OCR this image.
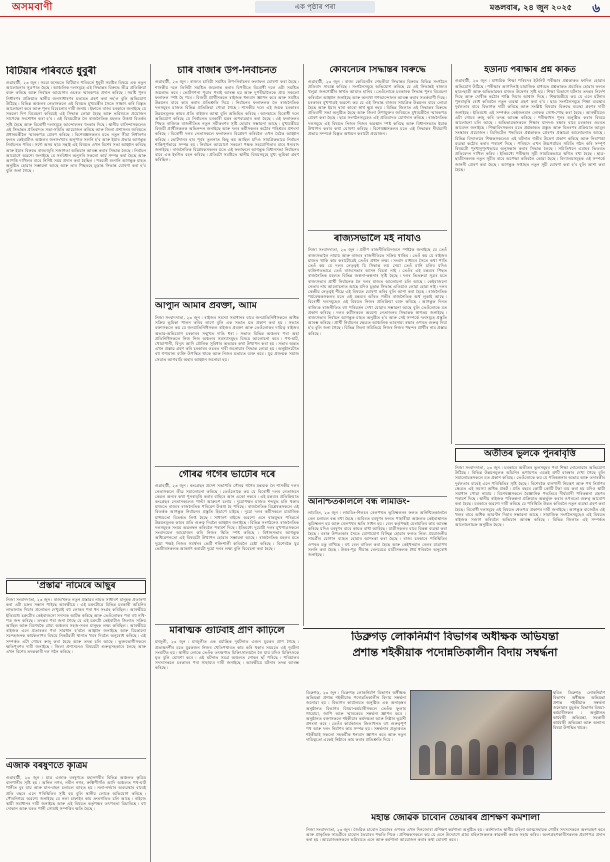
অসমবাণী	এক পৃষ্ঠাৰ পৰা	মঙলবাৰ, ২৪ জুন ২০২৫ ৬
বিটিয়াৰ পৰিবৰ্তে ধুবুৰী
গুৱাহাটী, ২৩ জুন ৷ সমগ্ৰ অসমতে বিটিয়াৰ পৰিবৰ্তে ধুবুৰী সমষ্টিৰ বিষয়ে এক নতুন আলোচনাৰ সূত্ৰপাত হৈছে ৷ আঞ্চলিক দলসমূহে এই সিদ্ধান্তৰ বিৰুদ্ধে তীব্ৰ প্ৰতিক্ৰিয়া ব্যক্ত কৰিছে আৰু নিৰ্বাচন আয়োগৰ ওচৰত স্মাৰকপত্ৰ প্ৰদান কৰিছে ৷ সমষ্টি পুনৰ নিৰ্ধাৰণৰ প্ৰক্ৰিয়াত স্থানীয় জনসাধাৰণৰ মতামত গ্ৰহণ কৰা নহ'ল বুলি অভিযোগ উঠিছে ৷ বিভিন্ন অঞ্চলৰ নেতাসকলে এই বিষয়ত মুখ্যমন্ত্ৰীৰ সৈতে সাক্ষাৎ কৰি বিস্তৃত আলোচনা কৰে আৰু পুনৰ বিবেচনাৰ দাবী জনায় ৷ ইফালে ৰাজ্য চৰকাৰে জনাইছে যে সকলো দিশ বিবেচনা কৰিয়েই এই সিদ্ধান্ত লোৱা হৈছে আৰু ভৱিষ্যতে প্ৰয়োজন সাপেক্ষে সংশোধন কৰা হ'ব ৷ এই বিষয়টোক লৈ ৰাজনৈতিক মহলত উত্তপ্ত বিতৰ্কৰ সৃষ্টি হৈছে আৰু বিৰোধী দলসমূহে আন্দোলনৰ হুংকাৰ দিছে ৷ স্থানীয় বাসিন্দাসকলেও এই সিদ্ধান্তৰ প্ৰতিবাদত সভা-সমিতি আয়োজন কৰিছে আৰু জিলা প্ৰশাসনৰ জৰিয়তে প্ৰধানমন্ত্ৰীলৈ স্মাৰকপত্ৰ প্ৰেৰণ কৰিছে ৷ বিশেষজ্ঞসকলৰ মতে নতুন সীমা নিৰ্ধাৰণৰ ফলত কেইবাটাও অঞ্চলৰ জনসংখ্যাৰ অনুপাত সলনি হ'ব আৰু ইয়াৰ প্ৰভাৱ আগন্তুক নিৰ্বাচনত পৰিব ৷ সদৌ অসম ছাত্ৰ সন্থাই এই বিষয়ত এখন বিশেষ সভা আহ্বান কৰিছে আৰু ইয়াৰ বিৰুদ্ধে ৰাজ্যজুৰি সজাগতা অভিযান আৰম্ভ কৰাৰ সিদ্ধান্ত লৈছে ৷ নিৰ্বাচন আয়োগে অৱশ্যে জনাইছে যে সংবিধান অনুসৰি সকলো কাৰ্য সম্পন্ন কৰা হৈছে আৰু আপত্তি দাখিলৰ বাবে নিৰ্দিষ্ট সময় প্ৰদান কৰা হৈছিল ৷ পৰৱৰ্তী শুনানি আগন্তুক মাহত অনুষ্ঠিত হোৱাৰ সম্ভাৱনা আছে আৰু তাৰ পিছতহে চূড়ান্ত সিদ্ধান্ত ঘোষণা কৰা হ'ব বুলি জনা গৈছে ৷
'প্ৰস্তাৱ' নামেৰে আছুৰ
নিজা সংবাদদাতা, ২৩ জুন ৷ ৰাজ্যখনত নতুন প্ৰস্তাৱৰ নামত সাধাৰণ মানুহক প্ৰতাৰণা কৰা এটা চক্ৰৰ সন্ধান পাইছে আৰক্ষীয়ে ৷ এই চক্ৰটোৱে বিভিন্ন চৰকাৰী আঁচনিৰ লাভালাভ দিয়াৰ প্ৰলোভন দেখুৱাই বহু লোকৰ পৰা ধন সংগ্ৰহ কৰিছিল ৷ আৰক্ষীয়ে ইতিমধ্যে চক্ৰটোৰ কেইবাজনো সদস্যক আটক কৰিছে আৰু তেওঁলোকৰ পৰা বহু নথি-পত্ৰ জব্দ কৰিছে ৷ তদন্তৰ পৰা জনা গৈছে যে এই চক্ৰটো কেইবাটাও জিলাত সক্ৰিয় আছিল আৰু বিশেষকৈ গ্ৰাম্য অঞ্চলৰ সহজ-সৰল মানুহক লক্ষ্য কৰিছিল ৷ আৰক্ষীয়ে ৰাইজক এনে প্ৰতাৰকৰ পৰা সাৱধান হ'বলৈ আহ্বান জনাইছে আৰু যিকোনো সন্দেহজনক কাৰ্যকলাপৰ বিষয়ে নিকটৱৰ্তী থানাত খবৰ দিবলৈ অনুৰোধ কৰিছে ৷ এই সম্পৰ্কত এটা গোচৰ ৰুজু কৰা হৈছে আৰু তদন্ত চলি আছে ৷ ভুক্তভোগীসকলে ক্ষতিপূৰণৰ দাবী জনাইছে ৷ জিলা প্ৰশাসনেও বিষয়টো গুৰুত্বসহকাৰে লৈছে আৰু এখন বিশেষ তদন্তকাৰী দল গঠন কৰিছে ৷
এজাক বৰষুণতে কৃত্ৰিম
গুৱাহাটী, ২৩ জুন ৷ মাত্ৰ এজাক বৰষুণতে মহানগৰীৰ বিভিন্ন অঞ্চলত কৃত্ৰিম বানপানীৰ সৃষ্টি হয় ৷ অনিল নগৰ, নবীন নগৰ, ৰুক্মিণীগাঁও আদি অঞ্চলত পথ-ঘাট পানীত বুৰ যায় আৰু যান-বাহন চলাচল ব্যাহত হয় ৷ নলা-নৰ্দমাৰ অব্যৱস্থাৰ বাবেই প্ৰতি বছৰে এনে পৰিস্থিতিৰ সৃষ্টি হয় বুলি স্থানীয় লোকে অভিযোগ কৰিছে ৷ পৌৰনিগমে অৱশ্যে জনাইছে যে নলা চাফাইৰ কাম দ্ৰুতগতিত চলি আছে ৷ ৰাইজে স্থায়ী সমাধানৰ দাবী জনাইছে আৰু এই বিষয়ত কৰ্তৃপক্ষৰ তৎপৰতা বিচাৰিছে ৷ বহু দোকান আৰু ঘৰত পানী সোমাই সম্পত্তিৰ ক্ষতি হৈছে ৷
চাৰি বাজাৰ উপ-নিৰ্বাচনত
গুৱাহাটী, ২৩ জুন ৷ ৰাজ্যৰ চাৰিটা সমষ্টিৰ উপ-নিৰ্বাচনৰ ফলাফল ঘোষণা কৰা হৈছে ৷ শাসকীয় দলে তিনিটা সমষ্টিত জয়লাভ কৰাৰ বিপৰীতে বিৰোধী দলে এটা সমষ্টিত জয়লাভ কৰে ৷ ভোটগণনা পুৱাৰ পৰাই আৰম্ভ হয় আৰু দুপৰীয়ালৈকে প্ৰায় সকলো ফলাফল স্পষ্ট হৈ পৰে ৷ বিজয়ী প্ৰাৰ্থীসকলে ৰাইজক ধন্যবাদ জ্ঞাপন কৰে আৰু সমষ্টিৰ উন্নয়নৰ বাবে কাম কৰাৰ প্ৰতিশ্ৰুতি দিয়ে ৷ নিৰ্বাচনৰ ফলাফলক লৈ ৰাজনৈতিক দলসমূহৰ মাজত বিভিন্ন প্ৰতিক্ৰিয়া পোৱা গৈছে ৷ শাসকীয় দলে এই জয়ক চৰকাৰৰ উন্নয়নমূলক কামৰ প্ৰতি ৰাইজৰ আস্থা বুলি অভিহিত কৰিছে ৷ আনহাতে বিৰোধী দলে অভিযোগ কৰিছে যে নিৰ্বাচনত চৰকাৰী যন্ত্ৰৰ অপব্যৱহাৰ কৰা হৈছে ৷ এই ফলাফলৰ পিছত ৰাজ্যিক ৰাজনীতিত নতুন সমীকৰণৰ সৃষ্টি হোৱাৰ সম্ভাৱনা আছে ৷ মুখ্যমন্ত্ৰীয়ে বিজয়ী প্ৰাৰ্থীসকলক অভিনন্দন জনাইছে আৰু দলৰ কৰ্মীসকলৰ কঠোৰ পৰিশ্ৰমৰ প্ৰশংসা কৰিছে ৷ বিৰোধী দলৰ নেতাসকলে ফলাফলৰ বিশ্লেষণ কৰিবলৈ এখন বৈঠক আহ্বান কৰিছে ৷ ভোটদানৰ হাৰ পূৰ্বৰ তুলনাত কিছু কম আছিল যদিও সামগ্ৰিকভাৱে নিৰ্বাচন শান্তিপূৰ্ণভাৱে সম্পন্ন হয় ৷ নিৰ্বাচন আয়োগে সকলো পক্ষক সহযোগিতাৰ বাবে ধন্যবাদ জনাইছে ৷ ৰাজনৈতিক বিশ্লেষকসকলৰ মতে এই ফলাফলে আগন্তুক বিধানসভা নিৰ্বাচনৰ বাবে এক ইংগিত বহন কৰিছে ৷ প্ৰতিটো সমষ্টিতে স্থানীয় বিষয়সমূহে মুখ্য ভূমিকা গ্ৰহণ কৰিছিল ৷
আপুনি আমাৰ প্ৰবক্তা, আমি
নিজা সংবাদদাতা, ২৩ জুন ৷ ৰাইজৰ সমস্যা সমাধানৰ বাবে জনপ্ৰতিনিধিসকলে অধিক সক্ৰিয় ভূমিকা পালন কৰিব লাগে বুলি এক সভাত মত প্ৰকাশ কৰা হয় ৷ সভাত বক্তাসকলে কয় যে জনপ্ৰতিনিধিসকল ৰাইজৰ প্ৰবক্তা আৰু তেওঁলোকৰ দায়িত্ব ৰাইজৰ অভাৱ-অভিযোগ চৰকাৰৰ সন্মুখত দাঙি ধৰা ৷ সভাত বিভিন্ন অঞ্চলৰ পৰা অহা প্ৰতিনিধিসকলে নিজ নিজ অঞ্চলৰ সমস্যাসমূহৰ বিষয়ে আলোচনা কৰে ৷ পথ-ঘাট, খোৱাপানী, বিদ্যুৎ আদি মৌলিক সুবিধাৰ অভাৱৰ কথা উত্থাপন কৰা হয় ৷ সভাৰ অন্তত এখন প্ৰস্তাৱ গ্ৰহণ কৰি চৰকাৰৰ ওচৰত দাবী জনোৱাৰ সিদ্ধান্ত লোৱা হয় ৷ অনুষ্ঠানটোত বহু গণ্যমান্য ব্যক্তি উপস্থিত থাকে আৰু নিজৰ মতামত ব্যক্ত কৰে ৷ যুৱ প্ৰজন্মক সমাজ সেৱাত আগবাঢ়ি অহাৰ আহ্বান জনোৱা হয় ৷
গৌৰৱ গগৈৰ ভাটৌৰ দৰে
গুৱাহাটী, ২৩ জুন ৷ কংগ্ৰেছৰ প্ৰদেশ সভাপতি গৌৰৱ গগৈৰ মন্তব্যক লৈ শাসকীয় দলৰ নেতাসকলে তীব্ৰ সমালোচনা কৰিছে ৷ তেওঁলোকে কয় যে বিৰোধী দলৰ নেতাজনে কেৱল অন্যৰ কথা পুনৰাবৃত্তি কৰাৰ বাহিৰে আন একো নকৰে ৷ এই মন্তব্যৰ প্ৰতিক্ৰিয়াত কংগ্ৰেছৰ নেতাসকলেও পাল্টা আক্ৰমণ চলায় ৷ দুয়োপক্ষৰ মাজত শব্দযুদ্ধ চলি থকাৰ মাজতে ৰাজ্যৰ ৰাজনৈতিক পৰিৱেশ উত্তপ্ত হৈ পৰিছে ৷ ৰাজনৈতিক বিশ্লেষকসকলে এই বিতৰ্কক আগন্তুক নিৰ্বাচনৰ প্ৰস্তুতি হিচাপে চাইছে ৷ দুয়ো দলৰ কৰ্মীসকলে চামাজিক মাধ্যমতো বিতৰ্কত লিপ্ত হৈছে ৷ সাধাৰণ ৰাইজে অৱশ্যে এনে বাকযুদ্ধৰ পৰিৱৰ্তে উন্নয়নমূলক কামৰ প্ৰতি গুৰুত্ব দিবলৈ আহ্বান জনাইছে ৷ বিভিন্ন সংগঠনেও ৰাজনৈতিক দলসমূহক সংযম অৱলম্বন কৰিবলৈ পৰামৰ্শ দিছে ৷ ইতিমধ্যে দুয়োটা দলৰ মুখপাত্ৰসকলে সংবাদমেল আয়োজন কৰি নিজৰ স্থিতি স্পষ্ট কৰিছে ৷ বিধানসভাৰ আগন্তুক অধিৱেশনতো এই বিষয়টো উত্থাপন হোৱাৰ সম্ভাৱনা আছে ৷ ৰাজনৈতিক মহলৰ মতে দুয়ো পক্ষই নিজৰ সমৰ্থনৰ ভেটি শক্তিশালী কৰিবলৈ চেষ্টা কৰিছে ৷ বিশেষকৈ যুৱ ভোটাৰসকলক আকৰ্ষণ কৰাটো দুয়ো দলৰ লক্ষ্য বুলি বিবেচনা কৰা হৈছে ৷
মাৰাত্মক গুটিবাই প্ৰাণ কাঢ়িলে
মাজুলী, ২৩ জুন ৷ মাজুলীত এক মৰ্মান্তিক দুৰ্ঘটনাত এজন যুৱকৰ প্ৰাণ গৈছে ৷ প্ৰত্যক্ষদৰ্শীৰ মতে যুৱকজন নিজৰ খেতিপথাৰত কাম কৰি থকাৰ সময়তে এই দুৰ্ঘটনা সংঘটিত হয় ৷ স্থানীয় লোকে তেওঁক তৎক্ষণাত চিকিৎসালয়লৈ লৈ যায় যদিও চিকিৎসকে মৃত বুলি ঘোষণা কৰে ৷ এই ঘটনাত সমগ্ৰ অঞ্চলত শোকৰ ছাঁ পৰিছে ৷ পৰিয়ালৰ সদস্যসকলে চৰকাৰৰ পৰা সাহায্যৰ দাবী জনাইছে ৷ আৰক্ষীয়ে ঘটনাৰ তদন্ত আৰম্ভ কৰিছে ৷
কেবিনেটৰ সিদ্ধান্তৰ বিৰুদ্ধে
গুৱাহাটী, ২৩ জুন ৷ ৰাজ্য কেবিনেটৰ শেহতীয়া সিদ্ধান্তৰ বিৰুদ্ধে বিভিন্ন সংগঠনে প্ৰতিবাদ সাব্যস্ত কৰিছে ৷ সংগঠনসমূহে অভিযোগ কৰিছে যে এই সিদ্ধান্তই ৰাজ্যৰ থলুৱা জনগোষ্ঠীৰ স্বাৰ্থত আঘাত হানিব ৷ তেওঁলোকে চৰকাৰক সিদ্ধান্ত পুনৰ বিবেচনা কৰিবলৈ আহ্বান জনাইছে আৰু অন্যথা গণআন্দোলন আৰম্ভ কৰাৰ সতৰ্কবাণী দিছে ৷ চৰকাৰৰ মুখপাত্ৰই অৱশ্যে কয় যে এই সিদ্ধান্ত ৰাজ্যৰ সামগ্ৰিক উন্নয়নৰ বাবে লোৱা হৈছে আৰু ইয়াৰ দ্বাৰা কাৰো স্বাৰ্থ ক্ষুণ্ণ নহয় ৷ বিভিন্ন জিলাত এই সিদ্ধান্তৰ বিৰুদ্ধে প্ৰতিবাদী সভা অনুষ্ঠিত হৈছে আৰু জিলা উপায়ুক্তৰ জৰিয়তে মুখ্যমন্ত্ৰীলৈ স্মাৰকপত্ৰ প্ৰেৰণ কৰা হৈছে ৷ ছাত্ৰ সংগঠনসমূহেও এই প্ৰতিবাদত যোগদান কৰিছে ৷ ৰাজনৈতিক দলসমূহে এই বিষয়ত নিজৰ নিজৰ অৱস্থান স্পষ্ট কৰিছে আৰু বিধানসভাত ইয়াক উত্থাপন কৰাৰ কথা ঘোষণা কৰিছে ৷ বিশেষজ্ঞসকলৰ মতে এই সিদ্ধান্তৰ দীৰ্ঘম্যাদী প্ৰভাৱ সম্পৰ্কে বিস্তৃত অধ্যয়ন কৰাটো প্ৰয়োজন ৷
ৰাজ্যসভালৈ মই নাযাও
নিজা সংবাদদাতা, ২৩ জুন ৷ প্ৰবীণ ৰাজনীতিবিদজনে স্পষ্টকৈ জনাইছে যে তেওঁ ৰাজ্যসভালৈ নাযায় আৰু ৰাজ্যৰ ৰাজনীতিতে সক্ৰিয় থাকিব ৷ তেওঁ কয় যে ৰাইজৰ মাজত থাকি কাম কৰাটোৱেই তেওঁৰ প্ৰধান লক্ষ্য ৷ সংবাদ মাধ্যমৰ সৈতে কথা পাতি তেওঁ কয় যে দলৰ নেতৃত্বই যি সিদ্ধান্ত লয় সেয়া তেওঁ মানি চলিব যদিও ব্যক্তিগতভাৱে তেওঁ ৰাজ্যসভাৰ আসন বিচৰা নাই ৷ তেওঁৰ এই মন্তব্যৰ পিছত ৰাজনৈতিক মহলত বিভিন্ন জল্পনা-কল্পনাৰ সৃষ্টি হৈছে ৷ দলৰ ভিতৰুৱা সূত্ৰৰ মতে ৰাজ্যসভাৰ প্ৰাৰ্থী নিৰ্বাচনক লৈ দলৰ মাজত আলোচনা চলি আছে ৷ কেইবাজনো নেতাৰ নাম আলোচনাত আছে যদিও চূড়ান্ত সিদ্ধান্ত এতিয়াও লোৱা হোৱা নাই ৷ দলৰ কেন্দ্ৰীয় নেতৃত্বই শীঘ্ৰে এই বিষয়ত ঘোষণা কৰিব বুলি আশা কৰা হৈছে ৷ ৰাজনৈতিক পৰ্যবেক্ষকসকলৰ মতে এই মন্তব্যৰ আঁৰত গভীৰ ৰাজনৈতিক অৰ্থ লুকাই আছে ৷ বিৰোধী দলসমূহেও এই বিষয়ত নিজৰ প্ৰতিক্ৰিয়া ব্যক্ত কৰিছে ৷ আগন্তুক দিনত ৰাজ্যিক ৰাজনীতিত বহু পৰিৱৰ্তন দেখা যোৱাৰ সম্ভাৱনা আছে বুলি তেওঁলোকে মত প্ৰকাশ কৰিছে ৷ দলৰ কৰ্মীসকলে অৱশ্যে নেতাজনৰ সিদ্ধান্তক স্বাগতম জনাইছে ৷ ৰাজ্যসভাৰ নিৰ্বাচন আগন্তুক মাহত অনুষ্ঠিত হ'ব আৰু সেই সম্পৰ্কে দলসমূহে প্ৰস্তুতি আৰম্ভ কৰিছে ৷ প্ৰাৰ্থী নিৰ্বাচনৰ ক্ষেত্ৰত আঞ্চলিক ভাৰসাম্য ৰক্ষাৰ ওপৰত গুৰুত্ব দিয়া হ'ব বুলি জনা গৈছে ৷ বিভিন্ন জিলা সমিতিয়ে নিজৰ নিজৰ পছন্দৰ প্ৰাৰ্থীৰ নাম প্ৰস্তাৱ কৰিছে ৷
অনিশ্চিতকাললৈ বন্ধ লামডিং-
লামডিং, ২৩ জুন ৷ লামডিং-শিলচৰ ৰেলপথত ভূমিস্খলনৰ ফলত অনিশ্চিতকাললৈ ৰেল চলাচল বন্ধ ৰখা হৈছে ৷ অবিৰত বৰষুণৰ ফলত পাহাৰীয়া অঞ্চলত কেইবাস্থানত ভূমিস্খলন হয় আৰু ৰেলপথৰ ক্ষতি সাধন হয় ৷ ৰেল কৰ্তৃপক্ষই মেৰামতিৰ কাম আৰম্ভ কৰিছে যদিও বৰষুণৰ বাবে কামত বাধা আহিছে ৷ যাত্ৰীসকলৰ বাবে বিকল্প ব্যৱস্থা কৰা হৈছে ৷ বৰাক উপত্যকাৰ সৈতে যোগাযোগ বিচ্ছিন্ন হোৱাৰ ফলত নিত্য প্ৰয়োজনীয় সামগ্ৰীৰ যোগান ব্যাহত হোৱাৰ আশংকা কৰা হৈছে ৷ ৰাজ্য চৰকাৰে পৰিস্থিতিৰ ওপৰত চকু ৰাখিছে ৷ বহু ৰেল বাতিল কৰা হৈছে আৰু কেইখনমান ৰেলৰ যাত্ৰাপথ সলনি কৰা হৈছে ৷ উত্তৰ-পূৱ সীমান্ত ৰেলৱেৱে যাত্ৰীসকলক ধৈৰ্য ধৰিবলৈ অনুৰোধ জনাইছে ৷
ইউনিট পৰীক্ষাৰ প্ৰশ্ন কাকত
গুৱাহাটী, ২৩ জুন ৷ মাধ্যমিক শিক্ষা পৰিষদৰ ইউনিট পৰীক্ষাৰ প্ৰশ্নকাকত ফাদিল হোৱাৰ অভিযোগ উঠিছে ৷ পৰীক্ষাৰ আগদিনাই চামাজিক মাধ্যমত প্ৰশ্নকাকত প্ৰচাৰিত হোৱাৰ ফলত ছাত্ৰ-ছাত্ৰী আৰু অভিভাৱকৰ মাজত উদ্বেগৰ সৃষ্টি হয় ৷ শিক্ষা বিভাগে ঘটনাৰ তদন্তৰ নিৰ্দেশ দিছে আৰু দোষীক কঠোৰ শাস্তি দিয়াৰ আশ্বাস দিছে ৷ শিক্ষামন্ত্ৰীয়ে কয় যে এনে ঘটনাৰ পুনৰাবৃত্তি ৰোধ কৰিবলৈ নতুন ব্যৱস্থা গ্ৰহণ কৰা হ'ব ৷ ছাত্ৰ সংগঠনসমূহে শিক্ষা ব্যৱস্থাৰ দুৰ্বলতাৰ বাবে বিভাগক দায়ী কৰিছে আৰু সংশ্লিষ্ট বিষয়াৰ বিৰুদ্ধে ব্যৱস্থা গ্ৰহণৰ দাবী জনাইছে ৷ ইতিমধ্যে এই সম্পৰ্কত কেইজনমান লোকক সোধ-পোছ কৰা হৈছে ৷ আৰক্ষীয়েও এটা গোচৰ ৰুজু কৰি তদন্ত আৰম্ভ কৰিছে ৷ পৰীক্ষাখন পুনৰ অনুষ্ঠিত কৰাৰ বিষয়ে আলোচনা চলি আছে ৷ অভিভাৱকসকলে শিক্ষাৰ মানদণ্ড ৰক্ষাৰ বাবে চৰকাৰৰ ওচৰত আবেদন জনাইছে ৷ শিক্ষাবিদসকলৰ মতে প্ৰশ্নকাকত প্ৰস্তুত আৰু বিতৰণৰ প্ৰক্ৰিয়াত আমূল সংস্কাৰৰ প্ৰয়োজন ৷ ডিজিটেল পদ্ধতিৰে প্ৰশ্নকাকত প্ৰেৰণৰ প্ৰস্তাৱো আলোচনাত আছে ৷ বিভিন্ন বিদ্যালয়ৰ শিক্ষকসকলেও এই ঘটনাত গভীৰ উদ্বেগ প্ৰকাশ কৰিছে আৰু নিৰাপত্তা ব্যৱস্থা কঠোৰ কৰাৰ পৰামৰ্শ দিছে ৷ পৰিষদে এখন উচ্চপৰ্যায়ৰ সমিতি গঠন কৰি সম্পূৰ্ণ বিষয়টো পুংখানুপুংখভাৱে অনুসন্ধান কৰাৰ সিদ্ধান্ত লৈছে ৷ সমিতিখনে এমাহৰ ভিতৰত প্ৰতিবেদন দাখিল কৰিব ৷ ইতিমধ্যে পৰীক্ষাৰ সূচী সাময়িকভাৱে স্থগিত ৰখা হৈছে ৷ ছাত্ৰ-ছাত্ৰীসকলক নতুন সূচীৰ বাবে অপেক্ষা কৰিবলৈ কোৱা হৈছে ৷ বিদ্যালয়সমূহক এই সম্পৰ্কে জাননী প্ৰেৰণ কৰা হৈছে ৷ আগন্তুক সপ্তাহত নতুন সূচী ঘোষণা কৰা হ'ব বুলি আশা কৰা হৈছে ৷
অতীতৰ ভুলকে পুনৰাবৃত্তি
নিজা সংবাদদাতা, ২৩ জুন ৷ চৰকাৰে অতীতৰ ভুলসমূহৰ পৰা শিক্ষা নোলোৱাৰ অভিযোগ উঠিছে ৷ বিভিন্ন উন্নয়নমূলক আঁচনিৰ ৰূপায়ণত একেই ত্ৰুটি বাৰম্বাৰ দেখা গৈছে বুলি সমালোচকসকলে মত প্ৰকাশ কৰিছে ৷ তেওঁলোকে কয় যে পৰিকল্পনাৰ অভাৱ আৰু তদাৰকীৰ দুৰ্বলতাৰ বাবেই এনে পৰিস্থিতিৰ সৃষ্টি হৈছে ৷ বিশেষকৈ বানপানী নিয়ন্ত্ৰণ আৰু পথ নিৰ্মাণৰ ক্ষেত্ৰত এই সমস্যা অধিক প্ৰকট ৷ প্ৰতি বছৰে কোটি কোটি টকা ব্যয় কৰা হয় যদিও স্থায়ী সমাধান পোৱা নাযায় ৷ বিশেষজ্ঞসকলে বৈজ্ঞানিক পদ্ধতিৰে দীৰ্ঘম্যাদী পৰিকল্পনা গ্ৰহণৰ পৰামৰ্শ দিছে ৷ স্থানীয় ৰাইজক পৰিকল্পনা প্ৰক্ৰিয়াত অন্তৰ্ভুক্ত কৰাৰ ওপৰতো গুৰুত্ব আৰোপ কৰা হৈছে ৷ চৰকাৰে অৱশ্যে দাবী কৰিছে যে পৰিস্থিতি উন্নত কৰিবলৈ নতুন ব্যৱস্থা গ্ৰহণ কৰা হৈছে ৷ বিৰোধী দলসমূহে এই বিষয়ত শ্বেতপত্ৰ প্ৰকাশৰ দাবী জনাইছে ৷ আগন্তুক বাজেটত এই খণ্ডৰ বাবে অধিক আৱণ্টন দিয়াৰ সম্ভাৱনা আছে ৷ সামাজিক সংগঠনসমূহেও এই বিষয়ত ৰাইজক সজাগ কৰিবলৈ অভিযান আৰম্ভ কৰিছে ৷ বিভিন্ন জিলাত এই সম্পৰ্কত আলোচনাচক্ৰ অনুষ্ঠিত হৈছে ৷
ডিব্ৰুগড় লোকনিৰ্মাণ বিভাগৰ অধীক্ষক অভিযন্তা
প্ৰশান্ত শইকীয়াক পদোন্নতিকালীন বিদায় সম্বৰ্দ্ধনা
ডিব্ৰুগড়, ২৩ জুন ৷ ডিব্ৰুগড় লোকনিৰ্মাণ বিভাগৰ অধীক্ষক অভিযন্তা প্ৰশান্ত শইকীয়াক পদোন্নতিকালীন বিদায় সম্বৰ্দ্ধনা জনোৱা হয় ৷ বিভাগৰ কাৰ্যালয়ত অনুষ্ঠিত এক অনাড়ম্বৰ অনুষ্ঠানত বিভাগৰ বিষয়া-কৰ্মচাৰীসকলে তেওঁক ফুলাম গামোচা, জাপি আৰু স্মাৰকেৰে সম্বৰ্দ্ধনা জ্ঞাপন কৰে ৷ অনুষ্ঠানত বক্তাসকলে শইকীয়াৰ কৰ্মদক্ষতা আৰু নিষ্ঠাৰ ভূয়সী প্ৰশংসা কৰে ৷ তেওঁৰ কাৰ্যকালত জিলাখনত বহু গুৰুত্বপূৰ্ণ পথ আৰু দলং নিৰ্মাণৰ কাম সম্পন্ন হয় ৷ সম্বৰ্দ্ধনাৰ প্ৰত্যুত্তৰত শইকীয়াই সকলো সহকৰ্মীক ধন্যবাদ জ্ঞাপন কৰে আৰু নতুন দায়িত্বতো একেই নিষ্ঠাৰে কাম কৰাৰ প্ৰতিশ্ৰুতি দিয়ে ৷
ছবিত ডিব্ৰুগড় লোকনিৰ্মাণ বিভাগৰ অধীক্ষক অভিযন্তা প্ৰশান্ত শইকীয়াক সম্বৰ্দ্ধনা জনোৱাৰ মুহূৰ্তত বিভাগৰ বিষয়া-কৰ্মচাৰীসকল ৷ অনুষ্ঠানত কাৰ্যবাহী অভিযন্তা, সহকাৰী কাৰ্যবাহী অভিযন্তা আৰু অন্যান্য বিষয়া উপস্থিত থাকে ৷
মহান্ত জৈৱিক চাবোন তৈয়াৰৰ প্ৰশিক্ষণ কৰ্মশালা
নিজা সংবাদদাতা, ২৩ জুন ৷ জৈৱিক চাবোন তৈয়াৰৰ ওপৰত এখন দিনজোৰা প্ৰশিক্ষণ কৰ্মশালা অনুষ্ঠিত হয় ৷ কৰ্মশালাত স্থানীয় মহিলা আত্মসহায়ক গোটৰ সদস্যসকলে অংশগ্ৰহণ কৰে আৰু প্ৰাকৃতিক সামগ্ৰীৰে চাবোন তৈয়াৰৰ পদ্ধতি শিকে ৷ প্ৰশিক্ষকসকলে কয় যে এনে উদ্যোগে গ্ৰাম্য মহিলাসকলক স্বাৱলম্বী কৰাত সহায় কৰিব ৷ অংশগ্ৰহণকাৰীসকলক প্ৰমাণপত্ৰ প্ৰদান কৰা হয় ৷ আয়োজকসকলে ভৱিষ্যতে এনে আৰু কৰ্মশালা আয়োজন কৰাৰ কথা ঘোষণা কৰে ৷
